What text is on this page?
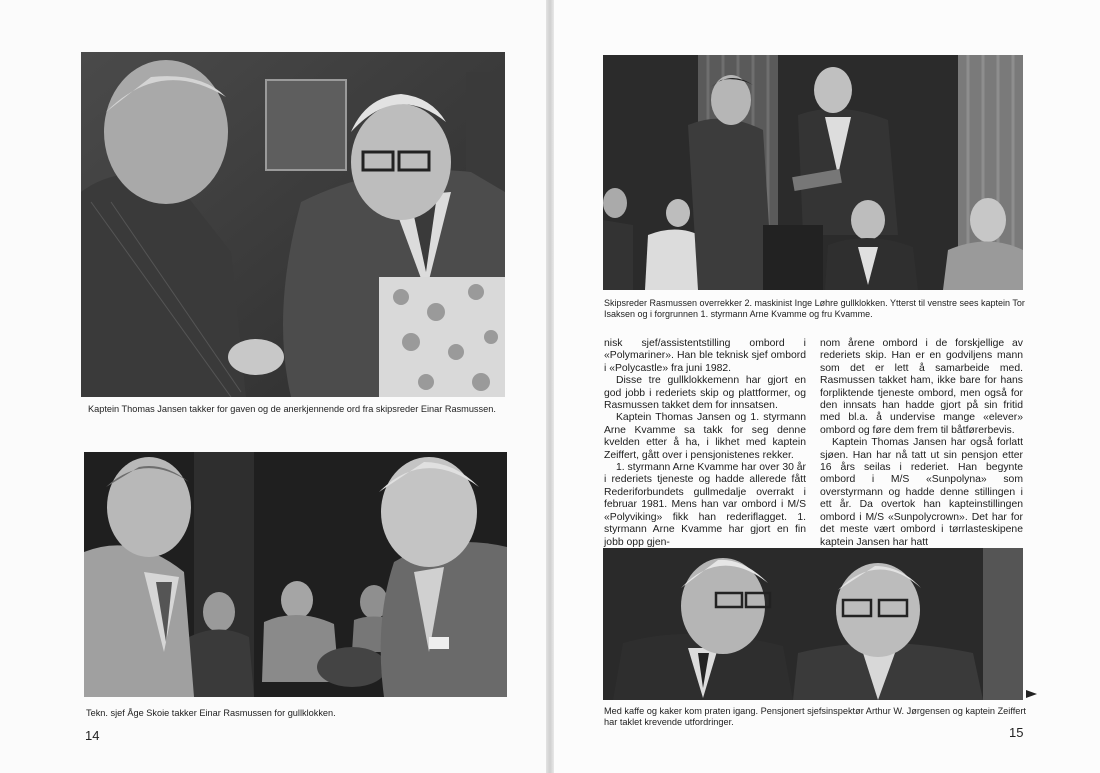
Kaptein Thomas Jansen takker for gaven og de anerkjennende ord fra skipsreder Einar Rasmussen.
Tekn. sjef Åge Skoie takker Einar Rasmussen for gullklokken.
14
Skipsreder Rasmussen overrekker 2. maskinist Inge Løhre gullklokken. Ytterst til venstre sees kaptein Tor Isaksen og i forgrunnen 1. styrmann Arne Kvamme og fru Kvamme.

nisk sjef/assistentstilling ombord i «Polymariner». Han ble teknisk sjef ombord i «Polycastle» fra juni 1982.

Disse tre gullklokkemenn har gjort en god jobb i rederiets skip og plattformer, og Rasmussen takket dem for innsatsen.

Kaptein Thomas Jansen og 1. styrmann Arne Kvamme sa takk for seg denne kvelden etter å ha, i likhet med kaptein Zeiffert, gått over i pensjonistenes rekker.

1. styrmann Arne Kvamme har over 30 år i rederiets tjeneste og hadde allerede fått Rederiforbundets gullmedalje overrakt i februar 1981. Mens han var ombord i M/S «Polyviking» fikk han rederiflagget. 1. styrmann Arne Kvamme har gjort en fin jobb opp gjen-

nom årene ombord i de forskjellige av rederiets skip. Han er en godviljens mann som det er lett å samarbeide med. Rasmussen takket ham, ikke bare for hans forpliktende tjeneste ombord, men også for den innsats han hadde gjort på sin fritid med bl.a. å undervise mange «elever» ombord og føre dem frem til båtførerbevis.

Kaptein Thomas Jansen har også forlatt sjøen. Han har nå tatt ut sin pensjon etter 16 års seilas i rederiet. Han begynte ombord i M/S «Sunpolyna» som overstyrmann og hadde denne stillingen i ett år. Da overtok han kapteinstillingen ombord i M/S «Sunpolycrown». Det har for det meste vært ombord i tørrlasteskipene kaptein Jansen har hatt

Med kaffe og kaker kom praten igang. Pensjonert sjefsinspektør Arthur W. Jørgensen og kaptein Zeiffert har taklet krevende utfordringer.
15
